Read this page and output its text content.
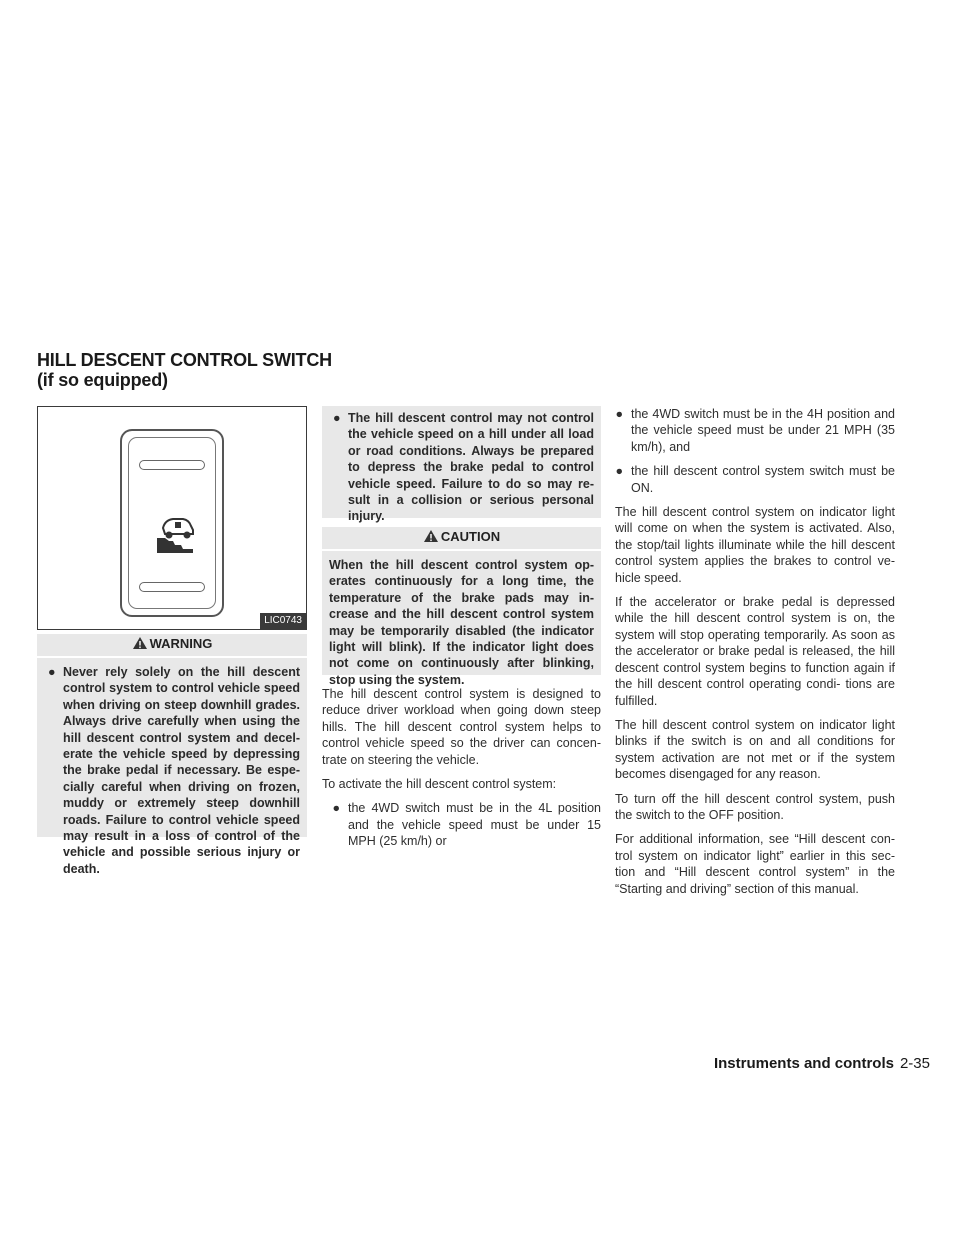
HILL DESCENT CONTROL SWITCH (if so equipped)
LIC0743
WARNING
● Never rely solely on the hill descent control system to control vehicle speed when driving on steep downhill grades. Always drive carefully when using the hill descent control system and decel- erate the vehicle speed by depressing the brake pedal if necessary. Be espe- cially careful when driving on frozen, muddy or extremely steep downhill roads. Failure to control vehicle speed may result in a loss of control of the vehicle and possible serious injury or death.
● The hill descent control may not control the vehicle speed on a hill under all load or road conditions. Always be prepared to depress the brake pedal to control vehicle speed. Failure to do so may re- sult in a collision or serious personal injury.
CAUTION
When the hill descent control system op- erates continuously for a long time, the temperature of the brake pads may in- crease and the hill descent control system may be temporarily disabled (the indicator light will blink). If the indicator light does not come on continuously after blinking, stop using the system.

The hill descent control system is designed to reduce driver workload when going down steep hills. The hill descent control system helps to control vehicle speed so the driver can concen- trate on steering the vehicle.

To activate the hill descent control system:

● the 4WD switch must be in the 4L position and the vehicle speed must be under 15 MPH (25 km/h) or
● the 4WD switch must be in the 4H position and the vehicle speed must be under 21 MPH (35 km/h), and
● the hill descent control system switch must be ON.

The hill descent control system on indicator light will come on when the system is activated. Also, the stop/tail lights illuminate while the hill descent control system applies the brakes to control ve- hicle speed.

If the accelerator or brake pedal is depressed while the hill descent control system is on, the system will stop operating temporarily. As soon as the accelerator or brake pedal is released, the hill descent control system begins to function again if the hill descent control operating condi- tions are fulfilled.

The hill descent control system on indicator light blinks if the switch is on and all conditions for system activation are not met or if the system becomes disengaged for any reason.

To turn off the hill descent control system, push the switch to the OFF position.

For additional information, see “Hill descent con- trol system on indicator light” earlier in this sec- tion and “Hill descent control system” in the “Starting and driving” section of this manual.

Instruments and controls 2-35
